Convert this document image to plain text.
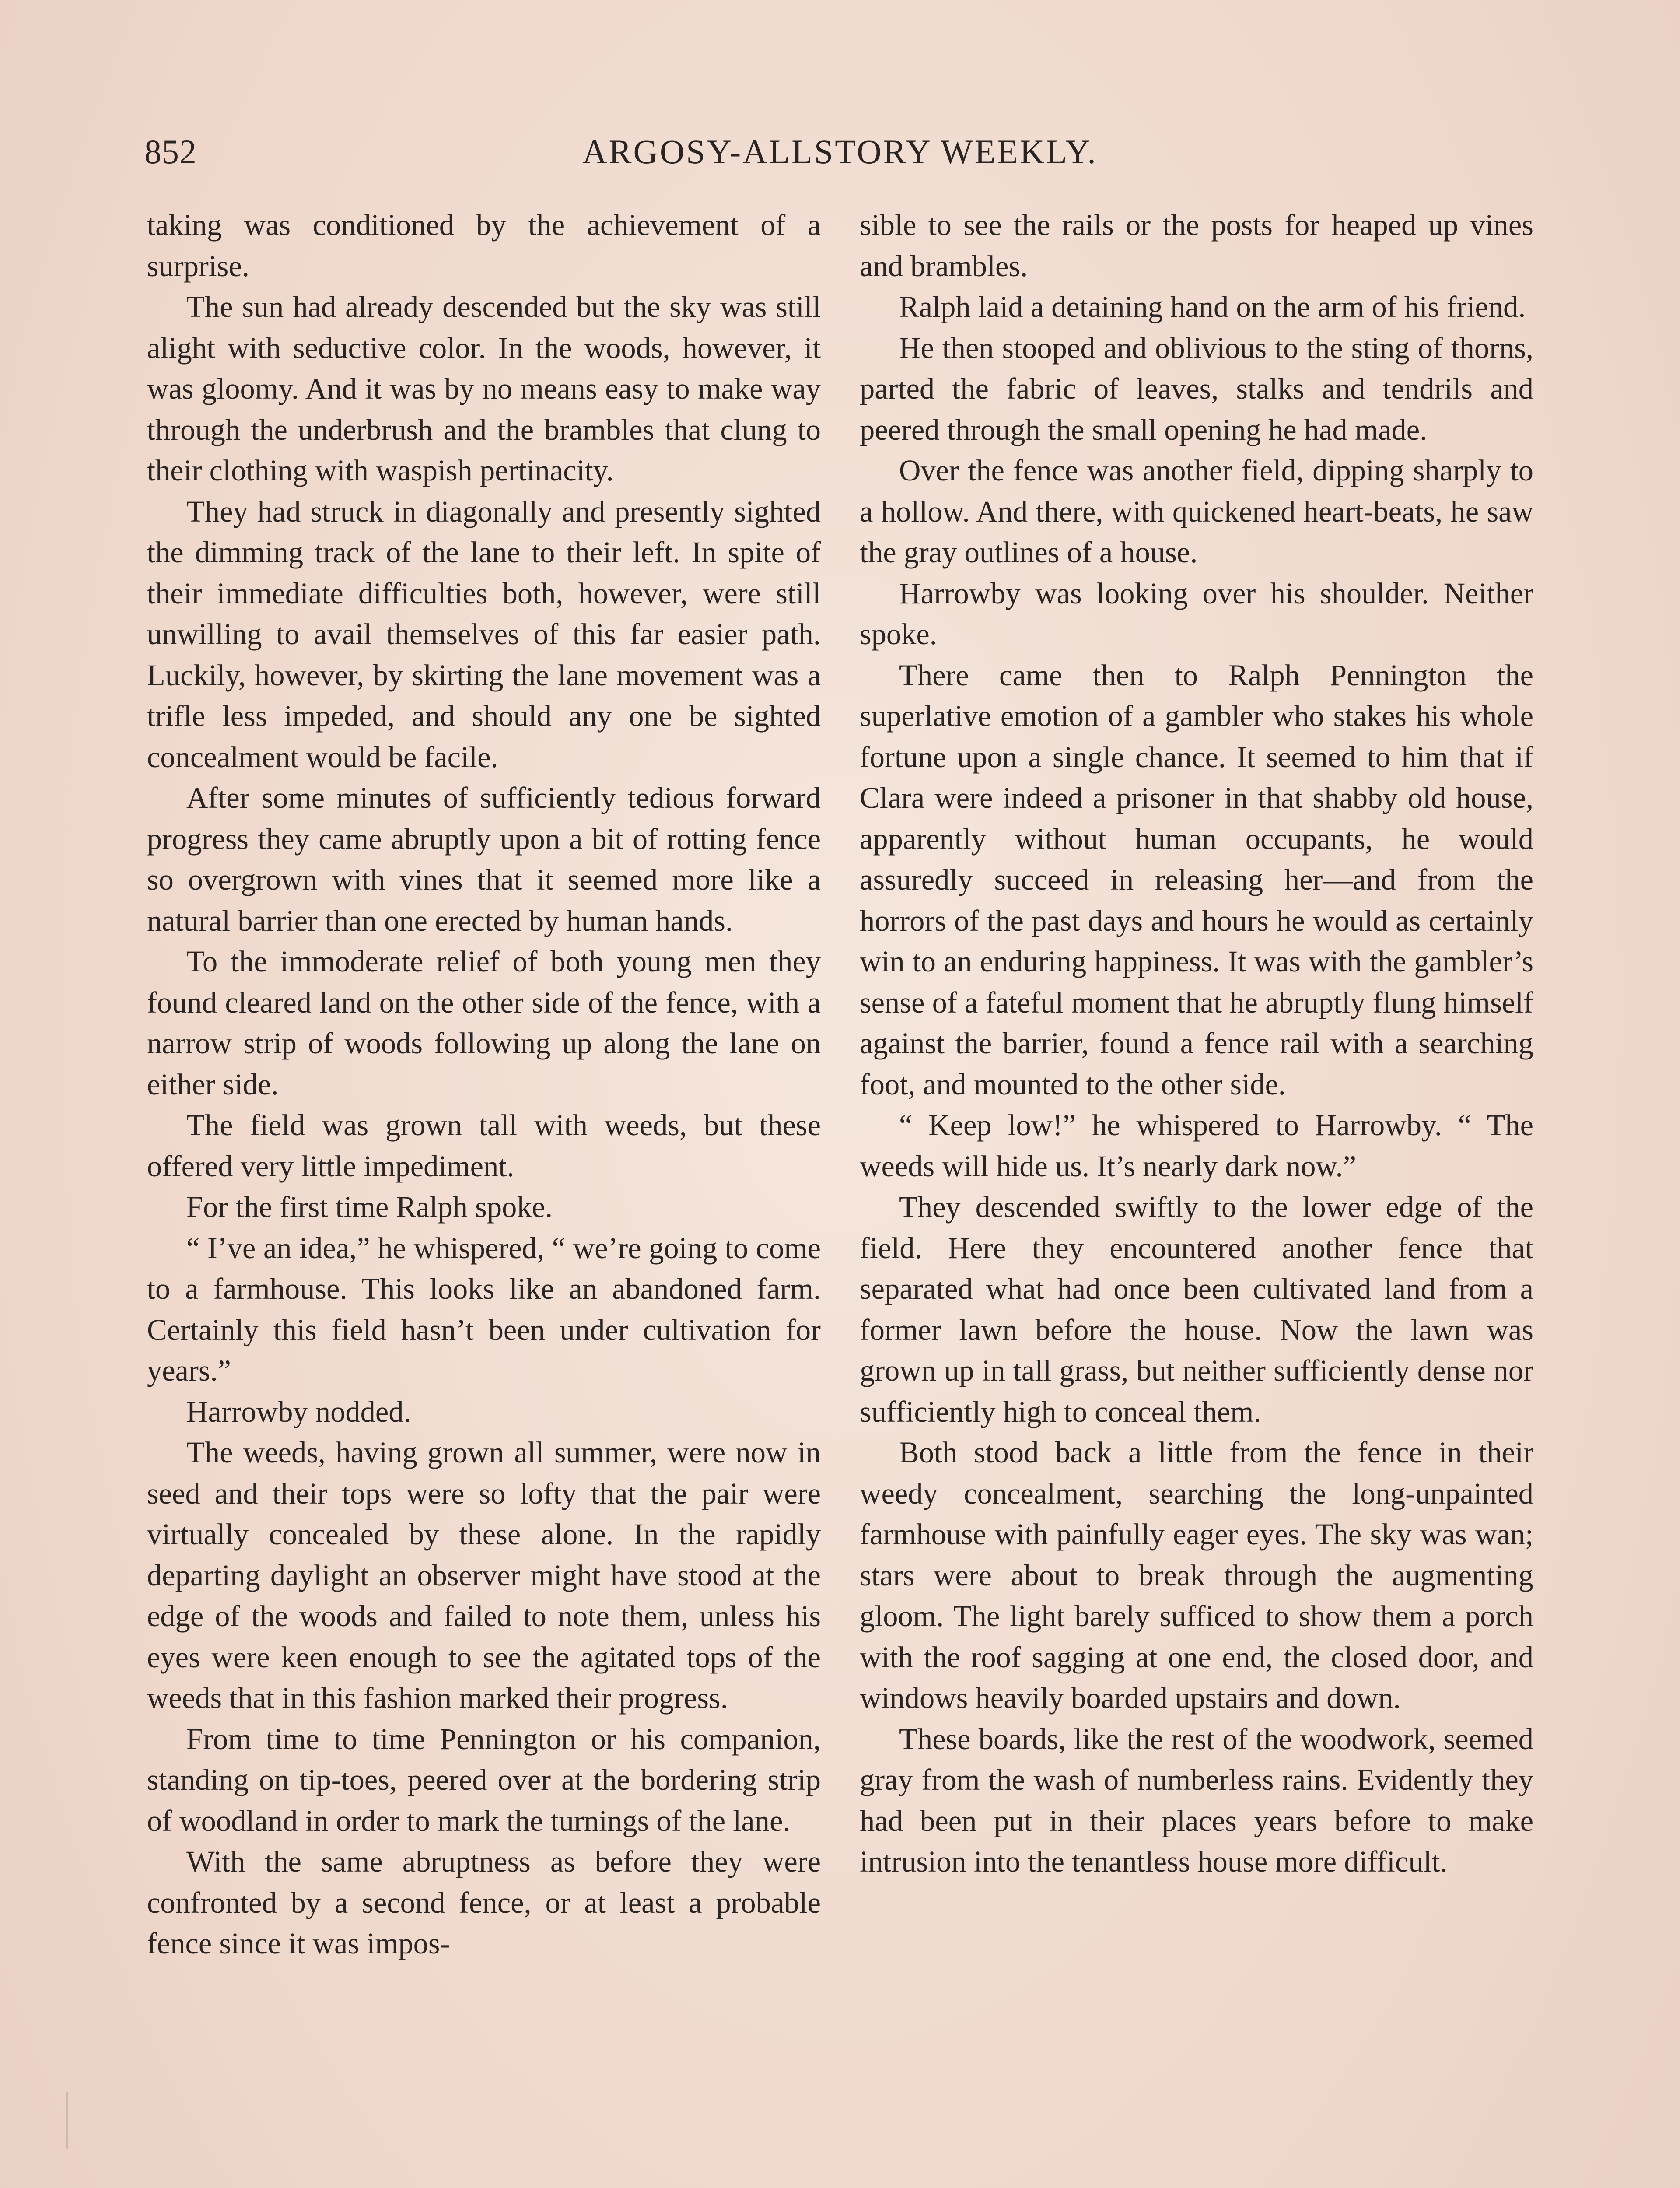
852	ARGOSY-ALLSTORY WEEKLY.

taking was conditioned by the achievement of a surprise.

The sun had already descended but the sky was still alight with seductive color. In the woods, however, it was gloomy. And it was by no means easy to make way through the underbrush and the brambles that clung to their clothing with waspish pertinacity.

They had struck in diagonally and presently sighted the dimming track of the lane to their left. In spite of their immediate difficulties both, however, were still unwilling to avail themselves of this far easier path. Luckily, however, by skirting the lane movement was a trifle less impeded, and should any one be sighted concealment would be facile.

After some minutes of sufficiently tedious forward progress they came abruptly upon a bit of rotting fence so overgrown with vines that it seemed more like a natural barrier than one erected by human hands.

To the immoderate relief of both young men they found cleared land on the other side of the fence, with a narrow strip of woods following up along the lane on either side.

The field was grown tall with weeds, but these offered very little impediment.

For the first time Ralph spoke.

“ I’ve an idea,” he whispered, “ we’re going to come to a farmhouse. This looks like an abandoned farm. Certainly this field hasn’t been under cultivation for years.”

Harrowby nodded.

The weeds, having grown all summer, were now in seed and their tops were so lofty that the pair were virtually concealed by these alone. In the rapidly departing daylight an observer might have stood at the edge of the woods and failed to note them, unless his eyes were keen enough to see the agitated tops of the weeds that in this fashion marked their progress.

From time to time Pennington or his companion, standing on tip-toes, peered over at the bordering strip of woodland in order to mark the turnings of the lane.

With the same abruptness as before they were confronted by a second fence, or at least a probable fence since it was impos-

sible to see the rails or the posts for heaped up vines and brambles.

Ralph laid a detaining hand on the arm of his friend.

He then stooped and oblivious to the sting of thorns, parted the fabric of leaves, stalks and tendrils and peered through the small opening he had made.

Over the fence was another field, dipping sharply to a hollow. And there, with quickened heart-beats, he saw the gray outlines of a house.

Harrowby was looking over his shoulder. Neither spoke.

There came then to Ralph Pennington the superlative emotion of a gambler who stakes his whole fortune upon a single chance. It seemed to him that if Clara were indeed a prisoner in that shabby old house, apparently without human occupants, he would assuredly succeed in releasing her—and from the horrors of the past days and hours he would as certainly win to an enduring happiness. It was with the gambler’s sense of a fateful moment that he abruptly flung himself against the barrier, found a fence rail with a searching foot, and mounted to the other side.

“ Keep low!” he whispered to Harrowby. “ The weeds will hide us. It’s nearly dark now.”

They descended swiftly to the lower edge of the field. Here they encountered another fence that separated what had once been cultivated land from a former lawn before the house. Now the lawn was grown up in tall grass, but neither sufficiently dense nor sufficiently high to conceal them.

Both stood back a little from the fence in their weedy concealment, searching the long-unpainted farmhouse with painfully eager eyes. The sky was wan; stars were about to break through the augmenting gloom. The light barely sufficed to show them a porch with the roof sagging at one end, the closed door, and windows heavily boarded upstairs and down.

These boards, like the rest of the woodwork, seemed gray from the wash of numberless rains. Evidently they had been put in their places years before to make intrusion into the tenantless house more difficult.
